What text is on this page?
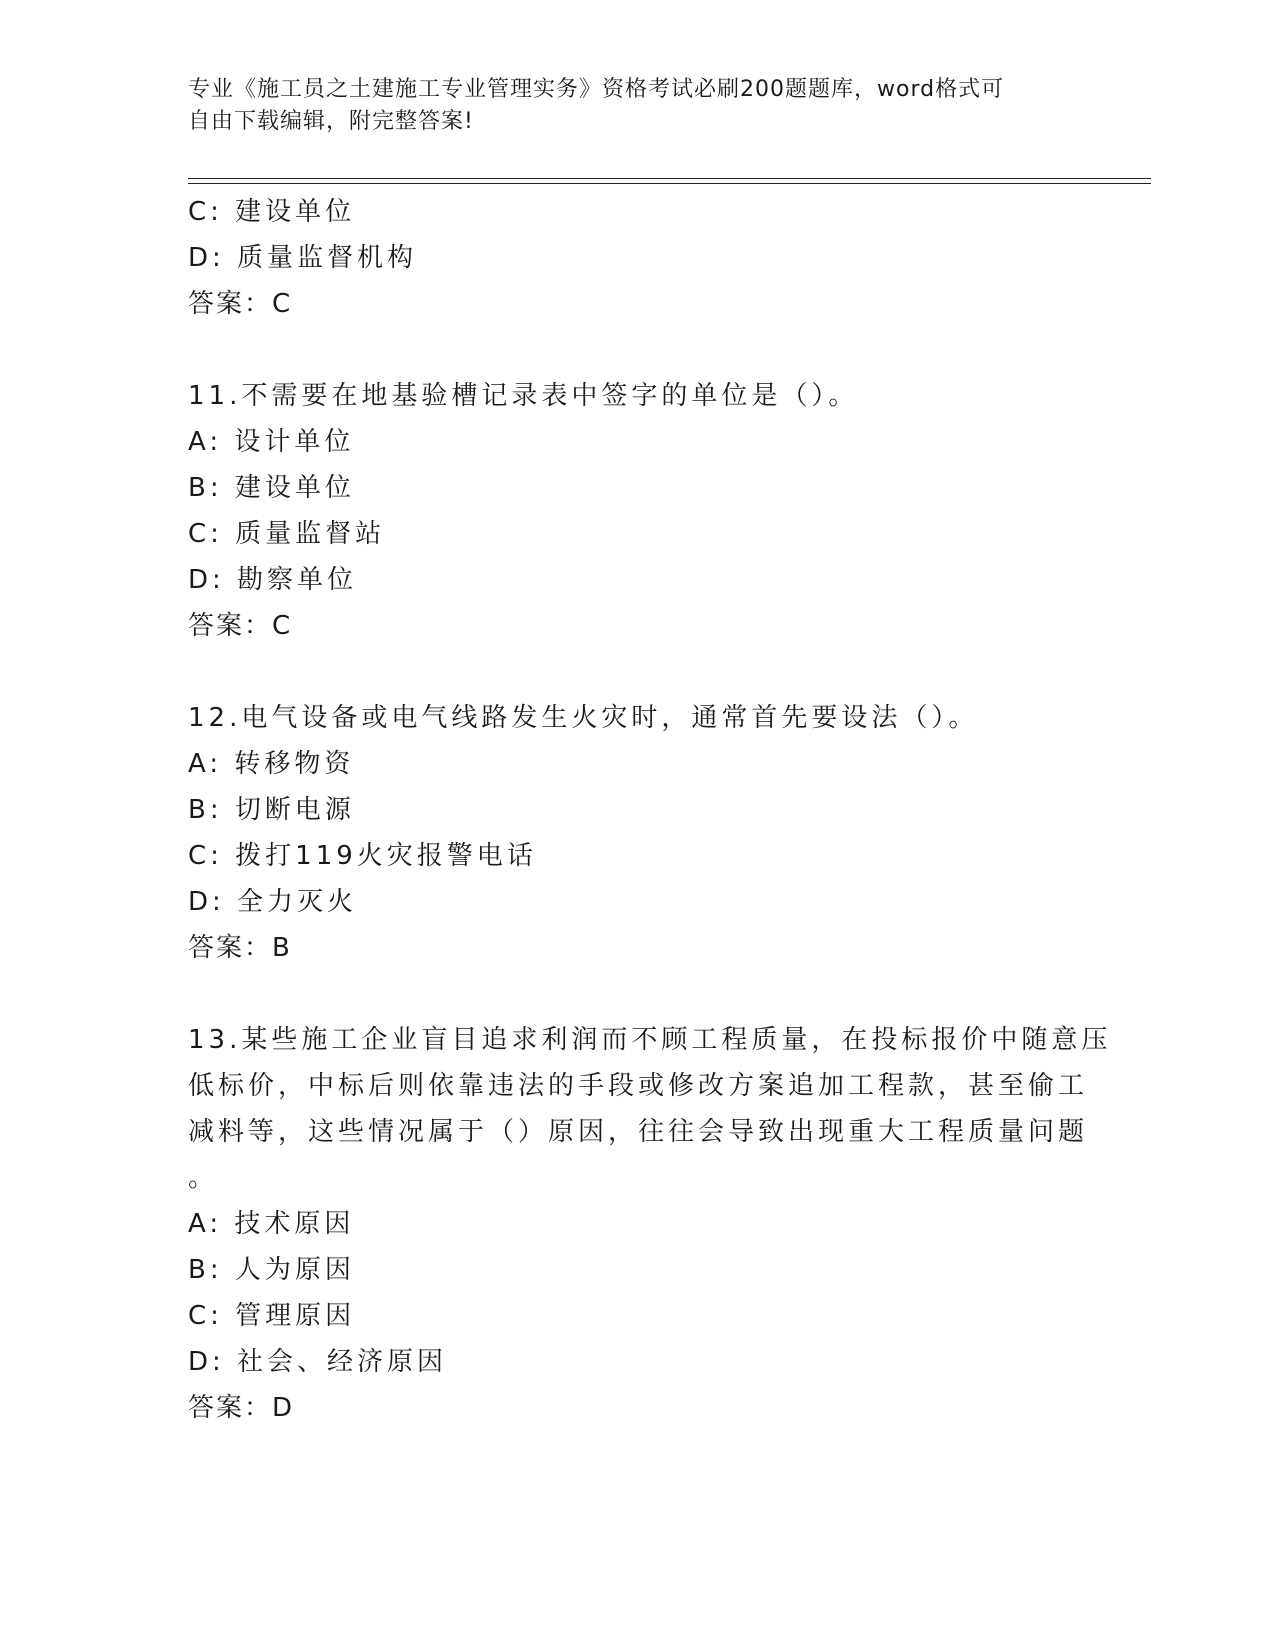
专业《施工员之土建施工专业管理实务》资格考试必刷200题题库，word格式可
自由下载编辑，附完整答案!
C: 建设单位
D: 质量监督机构
答案：C
11.不需要在地基验槽记录表中签字的单位是（）。
A: 设计单位
B: 建设单位
C: 质量监督站
D: 勘察单位
答案：C
12.电气设备或电气线路发生火灾时，通常首先要设法（）。
A: 转移物资
B: 切断电源
C: 拨打119火灾报警电话
D: 全力灭火
答案：B
13.某些施工企业盲目追求利润而不顾工程质量，在投标报价中随意压
低标价，中标后则依靠违法的手段或修改方案追加工程款，甚至偷工
减料等，这些情况属于（）原因，往往会导致出现重大工程质量问题
。
A: 技术原因
B: 人为原因
C: 管理原因
D: 社会、经济原因
答案：D
